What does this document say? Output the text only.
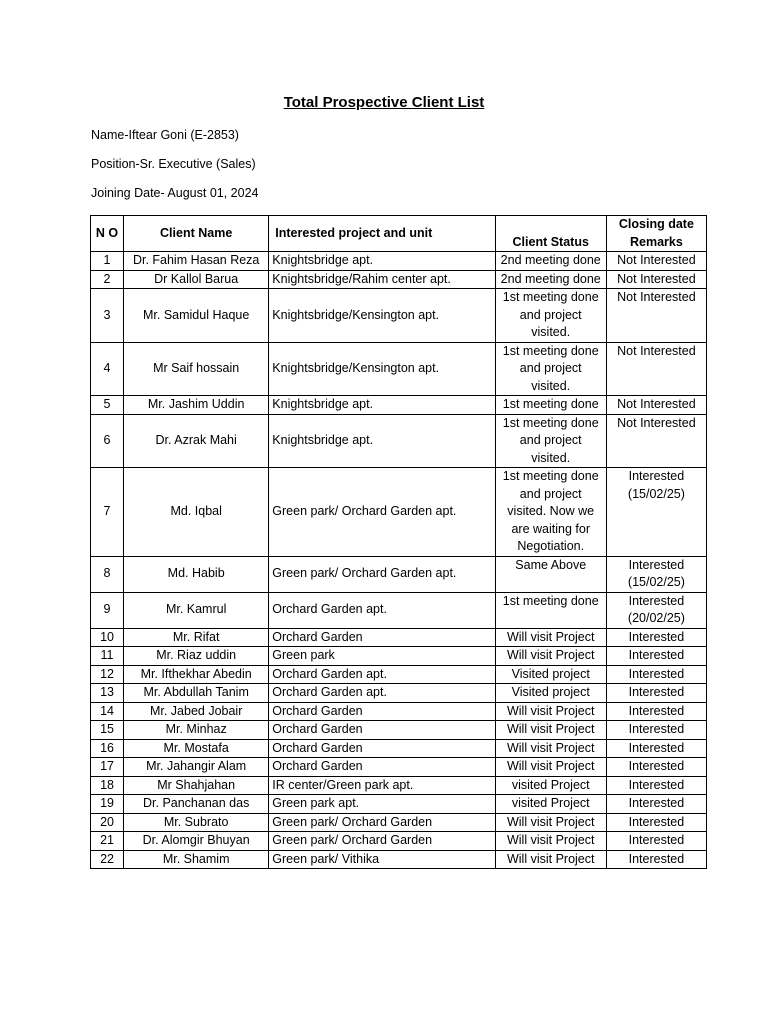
Total Prospective Client List
Name-Iftear Goni (E-2853)
Position-Sr. Executive (Sales)
Joining Date- August 01, 2024
N O	Client Name	Interested project and unit	Client Status	Closing date Remarks
1	Dr. Fahim Hasan Reza	Knightsbridge apt.	2nd meeting done	Not Interested
2	Dr Kallol Barua	Knightsbridge/Rahim center apt.	2nd meeting done	Not Interested
3	Mr. Samidul Haque	Knightsbridge/Kensington apt.	1st meeting done and project visited.	Not Interested
4	Mr Saif hossain	Knightsbridge/Kensington apt.	1st meeting done and project visited.	Not Interested
5	Mr. Jashim Uddin	Knightsbridge apt.	1st meeting done	Not Interested
6	Dr. Azrak Mahi	Knightsbridge apt.	1st meeting done and project visited.	Not Interested
7	Md. Iqbal	Green park/ Orchard Garden apt.	1st meeting done and project visited. Now we are waiting for Negotiation.	Interested (15/02/25)
8	Md. Habib	Green park/ Orchard Garden apt.	Same Above	Interested (15/02/25)
9	Mr. Kamrul	Orchard Garden apt.	1st meeting done	Interested (20/02/25)
10	Mr. Rifat	Orchard Garden	Will visit Project	Interested
11	Mr. Riaz uddin	Green park	Will visit Project	Interested
12	Mr. Ifthekhar Abedin	Orchard Garden apt.	Visited project	Interested
13	Mr. Abdullah Tanim	Orchard Garden apt.	Visited project	Interested
14	Mr. Jabed Jobair	Orchard Garden	Will visit Project	Interested
15	Mr. Minhaz	Orchard Garden	Will visit Project	Interested
16	Mr. Mostafa	Orchard Garden	Will visit Project	Interested
17	Mr. Jahangir Alam	Orchard Garden	Will visit Project	Interested
18	Mr Shahjahan	IR center/Green park apt.	visited Project	Interested
19	Dr. Panchanan das	Green park apt.	visited Project	Interested
20	Mr. Subrato	Green park/ Orchard Garden	Will visit Project	Interested
21	Dr. Alomgir Bhuyan	Green park/ Orchard Garden	Will visit Project	Interested
22	Mr. Shamim	Green park/ Vithika	Will visit Project	Interested
